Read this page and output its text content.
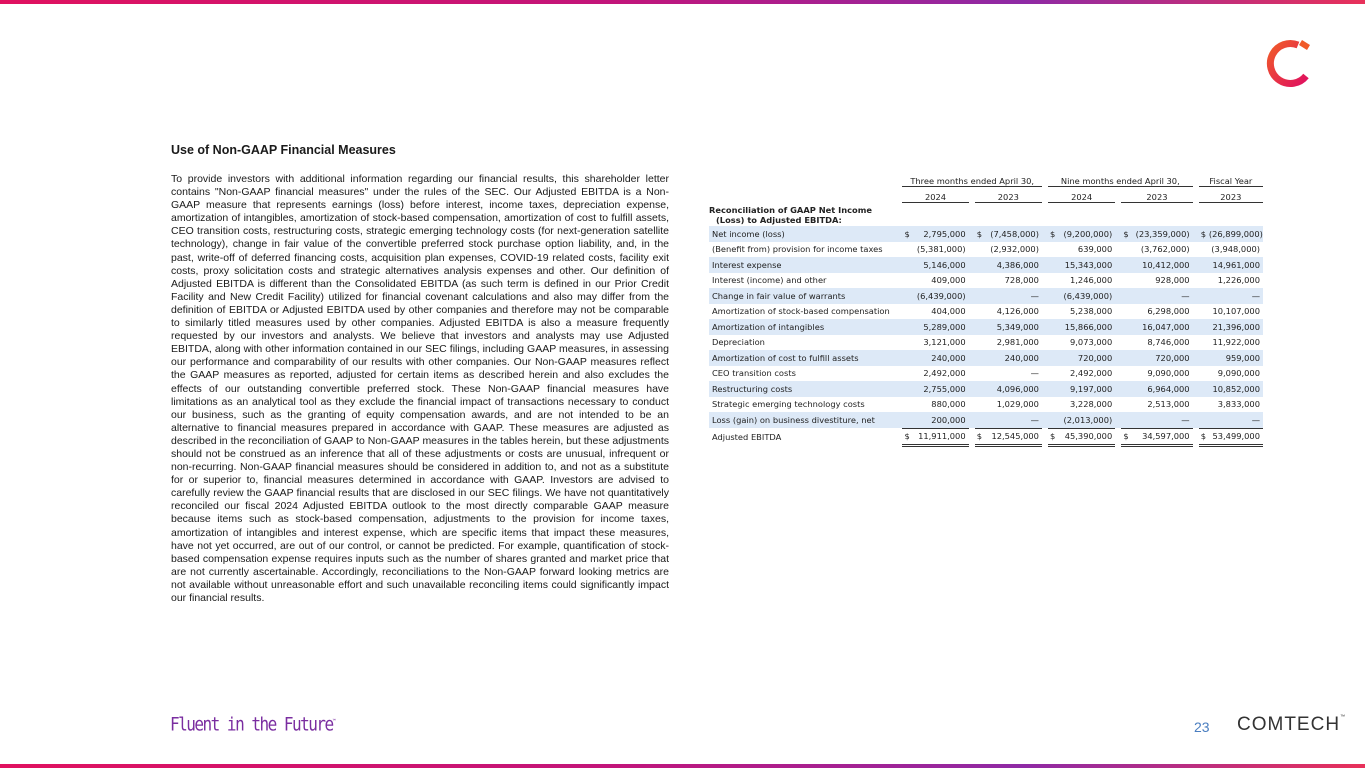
Use of Non-GAAP Financial Measures

To provide investors with additional information regarding our financial results, this shareholder letter contains "Non-GAAP financial measures" under the rules of the SEC. Our Adjusted EBITDA is a Non-GAAP measure that represents earnings (loss) before interest, income taxes, depreciation expense, amortization of intangibles, amortization of stock-based compensation, amortization of cost to fulfill assets, CEO transition costs, restructuring costs, strategic emerging technology costs (for next-generation satellite technology), change in fair value of the convertible preferred stock purchase option liability, and, in the past, write-off of deferred financing costs, acquisition plan expenses, COVID-19 related costs, facility exit costs, proxy solicitation costs and strategic alternatives analysis expenses and other. Our definition of Adjusted EBITDA is different than the Consolidated EBITDA (as such term is defined in our Prior Credit Facility and New Credit Facility) utilized for financial covenant calculations and also may differ from the definition of EBITDA or Adjusted EBITDA used by other companies and therefore may not be comparable to similarly titled measures used by other companies. Adjusted EBITDA is also a measure frequently requested by our investors and analysts. We believe that investors and analysts may use Adjusted EBITDA, along with other information contained in our SEC filings, including GAAP measures, in assessing our performance and comparability of our results with other companies. Our Non-GAAP measures reflect the GAAP measures as reported, adjusted for certain items as described herein and also excludes the effects of our outstanding convertible preferred stock. These Non-GAAP financial measures have limitations as an analytical tool as they exclude the financial impact of transactions necessary to conduct our business, such as the granting of equity compensation awards, and are not intended to be an alternative to financial measures prepared in accordance with GAAP. These measures are adjusted as described in the reconciliation of GAAP to Non-GAAP measures in the tables herein, but these adjustments should not be construed as an inference that all of these adjustments or costs are unusual, infrequent or non-recurring. Non-GAAP financial measures should be considered in addition to, and not as a substitute for or superior to, financial measures determined in accordance with GAAP. Investors are advised to carefully review the GAAP financial results that are disclosed in our SEC filings. We have not quantitatively reconciled our fiscal 2024 Adjusted EBITDA outlook to the most directly comparable GAAP measure because items such as stock-based compensation, adjustments to the provision for income taxes, amortization of intangibles and interest expense, which are specific items that impact these measures, have not yet occurred, are out of our control, or cannot be predicted. For example, quantification of stock-based compensation expense requires inputs such as the number of shares granted and market price that are not currently ascertainable. Accordingly, reconciliations to the Non-GAAP forward looking metrics are not available without unreasonable effort and such unavailable reconciling items could significantly impact our financial results.

		Three months ended April 30,						Nine months ended April 30,						Fiscal Year	
		2024			2023			2024			2023			2023	

Reconciliation of GAAP Net Income
(Loss) to Adjusted EBITDA:															

Net income (loss)		$	2,795,000		$	(7,458,000)		$	(9,200,000)		$	(23,359,000)		$	(26,899,000)
(Benefit from) provision for income taxes			(5,381,000)			(2,932,000)			639,000			(3,762,000)			(3,948,000)
Interest expense			5,146,000			4,386,000			15,343,000			10,412,000			14,961,000
Interest (income) and other			409,000			728,000			1,246,000			928,000			1,226,000
Change in fair value of warrants			(6,439,000)			—			(6,439,000)			—			—
Amortization of stock-based compensation			404,000			4,126,000			5,238,000			6,298,000			10,107,000
Amortization of intangibles			5,289,000			5,349,000			15,866,000			16,047,000			21,396,000
Depreciation			3,121,000			2,981,000			9,073,000			8,746,000			11,922,000
Amortization of cost to fulfill assets			240,000			240,000			720,000			720,000			959,000
CEO transition costs			2,492,000			—			2,492,000			9,090,000			9,090,000
Restructuring costs			2,755,000			4,096,000			9,197,000			6,964,000			10,852,000
Strategic emerging technology costs			880,000			1,029,000			3,228,000			2,513,000			3,833,000
Loss (gain) on business divestiture, net			200,000			—			(2,013,000)			—			—
Adjusted EBITDA		$	11,911,000		$	12,545,000		$	45,390,000		$	34,597,000		$	53,499,000
Fluent in the Future™	23 COMTECH™
